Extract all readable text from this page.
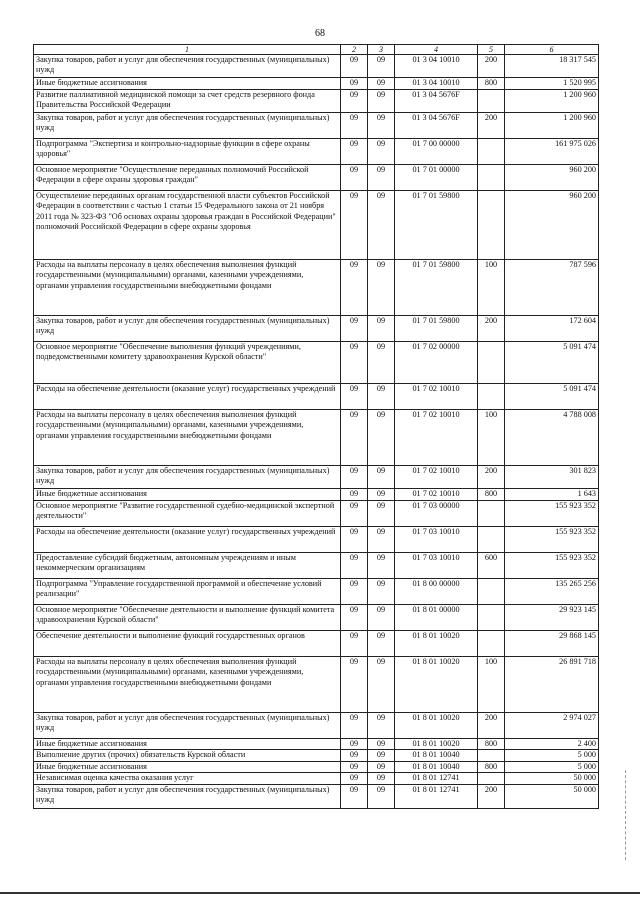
68
1	2	3	4	5	6
Закупка товаров, работ и услуг для обеспечения государственных (муниципальных) нужд	09	09	01 3 04 10010	200	18 317 545
Иные бюджетные ассигнования	09	09	01 3 04 10010	800	1 520 995
Развитие паллиативной медицинской помощи за счет средств резервного фонда Правительства Российской Федерации	09	09	01 3 04 5676F		1 200 960
Закупка товаров, работ и услуг для обеспечения государственных (муниципальных) нужд	09	09	01 3 04 5676F	200	1 200 960
Подпрограмма "Экспертиза и контрольно-надзорные функции в сфере охраны здоровья"	09	09	01 7 00 00000		161 975 026
Основное мероприятие "Осуществление переданных полномочий Российской Федерации в сфере охраны здоровья граждан"	09	09	01 7 01 00000		960 200
Осуществление переданных органам государственной власти субъектов Российской Федерации в соответствии с частью 1 статьи 15 Федерального закона от 21 ноября 2011 года № 323-ФЗ "Об основах охраны здоровья граждан в Российской Федерации" полномочий Российской Федерации в сфере охраны здоровья	09	09	01 7 01 59800		960 200
Расходы на выплаты персоналу в целях обеспечения выполнения функций государственными (муниципальными) органами, казенными учреждениями, органами управления государственными внебюджетными фондами	09	09	01 7 01 59800	100	787 596
Закупка товаров, работ и услуг для обеспечения государственных (муниципальных) нужд	09	09	01 7 01 59800	200	172 604
Основное мероприятие "Обеспечение выполнения функций учреждениями, подведомственными комитету здравоохранения Курской области"	09	09	01 7 02 00000		5 091 474
Расходы на обеспечение деятельности (оказание услуг) государственных учреждений	09	09	01 7 02 10010		5 091 474
Расходы на выплаты персоналу в целях обеспечения выполнения функций государственными (муниципальными) органами, казенными учреждениями, органами управления государственными внебюджетными фондами	09	09	01 7 02 10010	100	4 788 008
Закупка товаров, работ и услуг для обеспечения государственных (муниципальных) нужд	09	09	01 7 02 10010	200	301 823
Иные бюджетные ассигнования	09	09	01 7 02 10010	800	1 643
Основное мероприятие "Развитие государственной судебно-медицинской экспертной деятельности"	09	09	01 7 03 00000		155 923 352
Расходы на обеспечение деятельности (оказание услуг) государственных учреждений	09	09	01 7 03 10010		155 923 352
Предоставление субсидий бюджетным, автономным учреждениям и иным некоммерческим организациям	09	09	01 7 03 10010	600	155 923 352
Подпрограмма "Управление государственной программой и обеспечение условий реализации"	09	09	01 8 00 00000		135 265 256
Основное мероприятие "Обеспечение деятельности и выполнение функций комитета здравоохранения Курской области"	09	09	01 8 01 00000		29 923 145
Обеспечение деятельности и выполнение функций государственных органов	09	09	01 8 01 10020		29 868 145
Расходы на выплаты персоналу в целях обеспечения выполнения функций государственными (муниципальными) органами, казенными учреждениями, органами управления государственными внебюджетными фондами	09	09	01 8 01 10020	100	26 891 718
Закупка товаров, работ и услуг для обеспечения государственных (муниципальных) нужд	09	09	01 8 01 10020	200	2 974 027
Иные бюджетные ассигнования	09	09	01 8 01 10020	800	2 400
Выполнение других (прочих) обязательств Курской области	09	09	01 8 01 10040		5 000
Иные бюджетные ассигнования	09	09	01 8 01 10040	800	5 000
Независимая оценка качества оказания услуг	09	09	01 8 01 12741		50 000
Закупка товаров, работ и услуг для обеспечения государственных (муниципальных) нужд	09	09	01 8 01 12741	200	50 000
